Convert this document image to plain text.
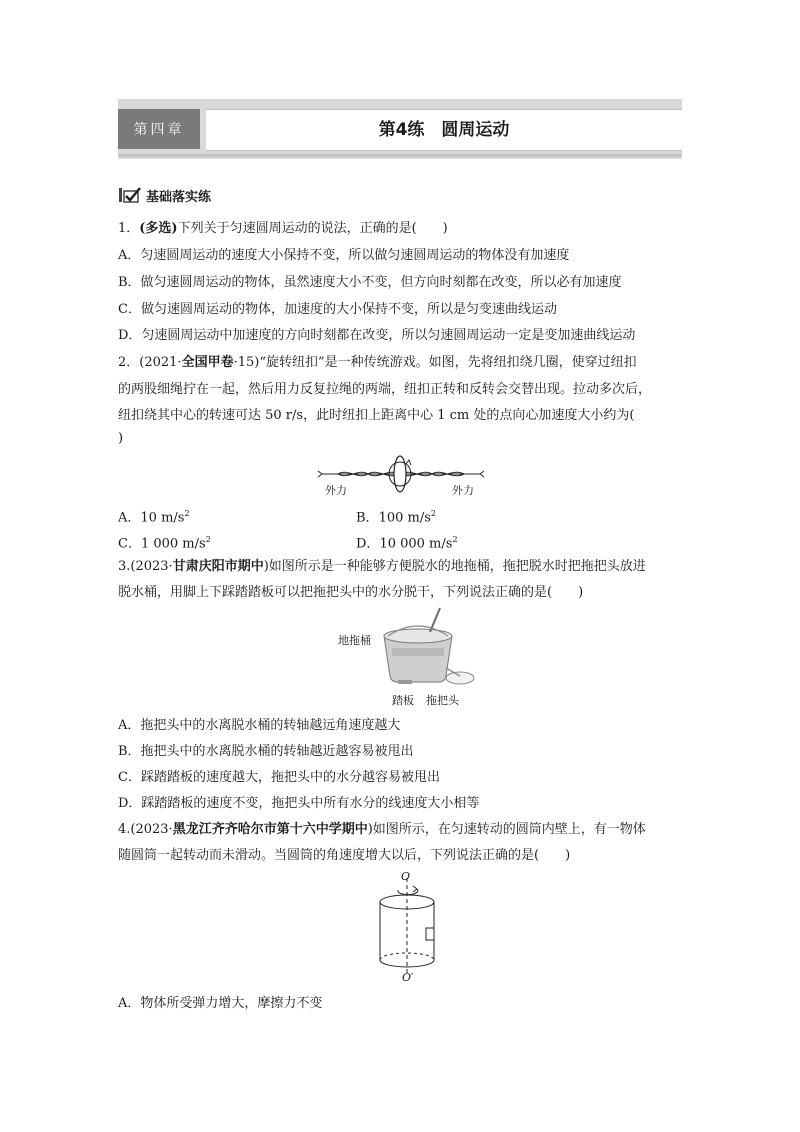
第四章	第4练　圆周运动
基础落实练
1．(多选)下列关于匀速圆周运动的说法，正确的是(　　)
A．匀速圆周运动的速度大小保持不变，所以做匀速圆周运动的物体没有加速度
B．做匀速圆周运动的物体，虽然速度大小不变，但方向时刻都在改变，所以必有加速度
C．做匀速圆周运动的物体，加速度的大小保持不变，所以是匀变速曲线运动
D．匀速圆周运动中加速度的方向时刻都在改变，所以匀速圆周运动一定是变加速曲线运动
2．(2021·全国甲卷·15)“旋转纽扣”是一种传统游戏。如图，先将纽扣绕几圈，使穿过纽扣
的两股细绳拧在一起，然后用力反复拉绳的两端，纽扣正转和反转会交替出现。拉动多次后，
纽扣绕其中心的转速可达 50 r/s，此时纽扣上距离中心 1 cm 处的点向心加速度大小约为(
)
外力	外力
A．10 $m/s^2$	B．100 $m/s^2$
C．1 000 $m/s^2$	D．10 000 $m/s^2$
3.(2023·甘肃庆阳市期中)如图所示是一种能够方便脱水的地拖桶，拖把脱水时把拖把头放进
脱水桶，用脚上下踩踏踏板可以把拖把头中的水分脱干，下列说法正确的是(　　)
地拖桶
踏板 拖把头
A．拖把头中的水离脱水桶的转轴越远角速度越大
B．拖把头中的水离脱水桶的转轴越近越容易被甩出
C．踩踏踏板的速度越大，拖把头中的水分越容易被甩出
D．踩踏踏板的速度不变，拖把头中所有水分的线速度大小相等
4.(2023·黑龙江齐齐哈尔市第十六中学期中)如图所示，在匀速转动的圆筒内壁上，有一物体
随圆筒一起转动而未滑动。当圆筒的角速度增大以后，下列说法正确的是(　　)
O
O′
A．物体所受弹力增大，摩擦力不变
